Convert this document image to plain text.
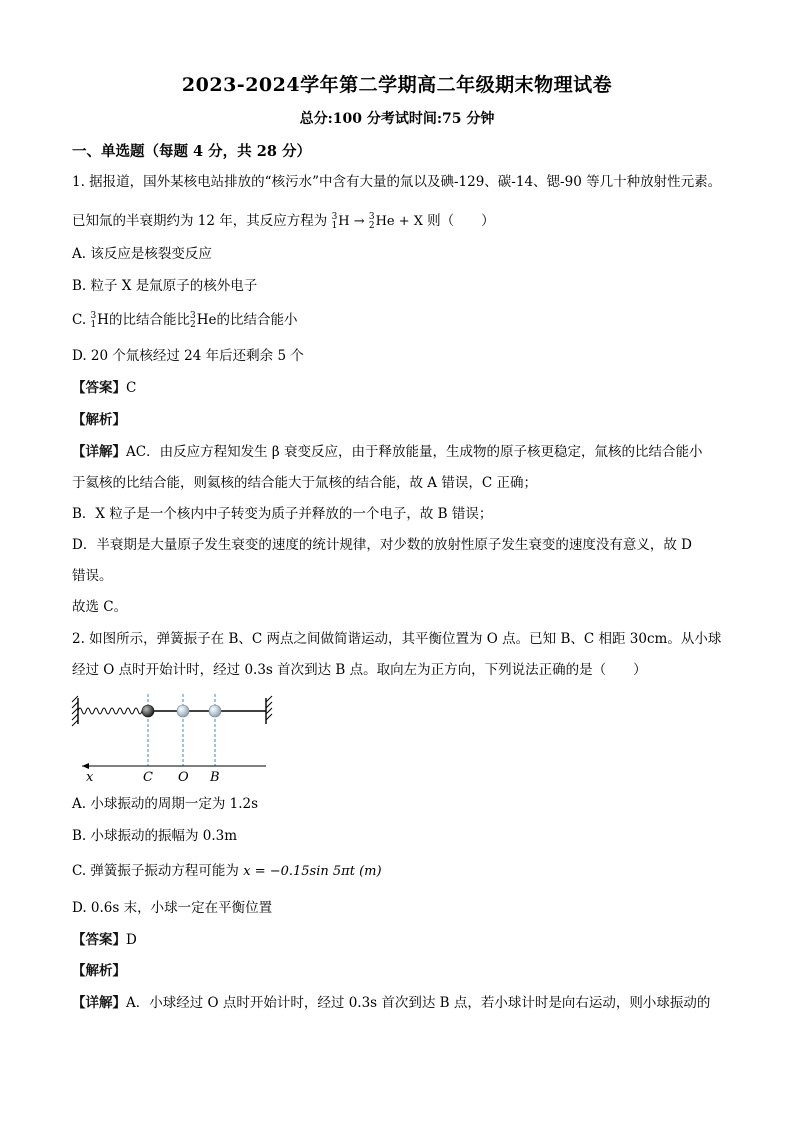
2023-2024学年第二学期高二年级期末物理试卷
总分:100 分考试时间:75 分钟
一、单选题（每题 4 分，共 28 分）
1. 据报道，国外某核电站排放的“核污水”中含有大量的氚以及碘-129、碳-14、锶-90 等几十种放射性元素。
已知氚的半衰期约为 12 年，其反应方程为 3
1 H → 3
2 He + X 则（　　）
A. 该反应是核裂变反应
B. 粒子 X 是氚原子的核外电子
C. 3
1 H的比结合能比 3
2 He的比结合能小
D. 20 个氚核经过 24 年后还剩余 5 个
【答案】C
【解析】
【详解】AC．由反应方程知发生 β 衰变反应，由于释放能量，生成物的原子核更稳定，氚核的比结合能小
于氦核的比结合能，则氦核的结合能大于氚核的结合能，故 A 错误，C 正确；
B．X 粒子是一个核内中子转变为质子并释放的一个电子，故 B 错误；
D．半衰期是大量原子发生衰变的速度的统计规律，对少数的放射性原子发生衰变的速度没有意义，故 D
错误。
故选 C。
2. 如图所示，弹簧振子在 B、C 两点之间做简谐运动，其平衡位置为 O 点。已知 B、C 相距 30cm。从小球
经过 O 点时开始计时，经过 0.3s 首次到达 B 点。取向左为正方向，下列说法正确的是（　　）
x	C O B
A. 小球振动的周期一定为 1.2s
B. 小球振动的振幅为 0.3m
C. 弹簧振子振动方程可能为 x = −0.15sin 5πt (m)
D. 0.6s 末，小球一定在平衡位置
【答案】D
【解析】
【详解】A．小球经过 O 点时开始计时，经过 0.3s 首次到达 B 点，若小球计时是向右运动，则小球振动的
